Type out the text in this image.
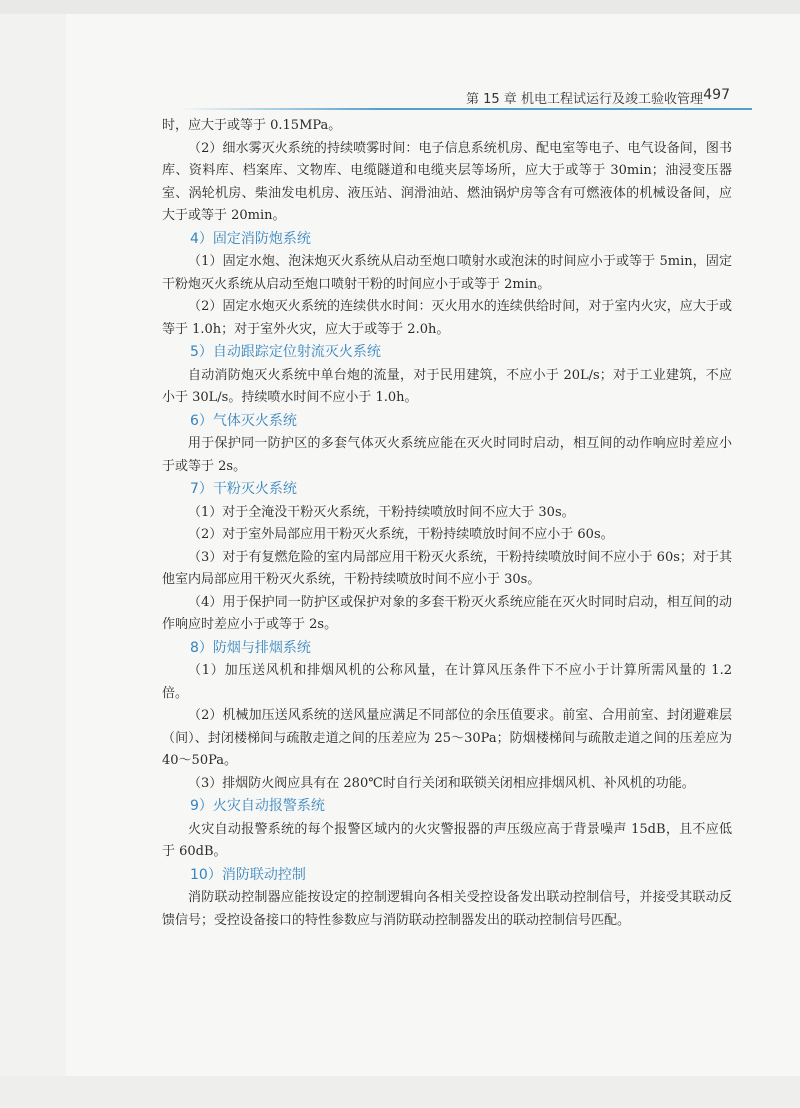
第 15 章 机电工程试运行及竣工验收管理 497

时，应大于或等于 0.15MPa。

（2）细水雾灭火系统的持续喷雾时间：电子信息系统机房、配电室等电子、电气设备间，图书库、资料库、档案库、文物库、电缆隧道和电缆夹层等场所，应大于或等于 30min；油浸变压器室、涡轮机房、柴油发电机房、液压站、润滑油站、燃油锅炉房等含有可燃液体的机械设备间，应大于或等于 20min。

4）固定消防炮系统

（1）固定水炮、泡沫炮灭火系统从启动至炮口喷射水或泡沫的时间应小于或等于 5min，固定干粉炮灭火系统从启动至炮口喷射干粉的时间应小于或等于 2min。

（2）固定水炮灭火系统的连续供水时间：灭火用水的连续供给时间，对于室内火灾，应大于或等于 1.0h；对于室外火灾，应大于或等于 2.0h。

5）自动跟踪定位射流灭火系统

自动消防炮灭火系统中单台炮的流量，对于民用建筑，不应小于 20L/s；对于工业建筑，不应小于 30L/s。持续喷水时间不应小于 1.0h。

6）气体灭火系统

用于保护同一防护区的多套气体灭火系统应能在灭火时同时启动，相互间的动作响应时差应小于或等于 2s。

7）干粉灭火系统

（1）对于全淹没干粉灭火系统，干粉持续喷放时间不应大于 30s。

（2）对于室外局部应用干粉灭火系统，干粉持续喷放时间不应小于 60s。

（3）对于有复燃危险的室内局部应用干粉灭火系统，干粉持续喷放时间不应小于 60s；对于其他室内局部应用干粉灭火系统，干粉持续喷放时间不应小于 30s。

（4）用于保护同一防护区或保护对象的多套干粉灭火系统应能在灭火时同时启动，相互间的动作响应时差应小于或等于 2s。

8）防烟与排烟系统

（1）加压送风机和排烟风机的公称风量，在计算风压条件下不应小于计算所需风量的 1.2 倍。

（2）机械加压送风系统的送风量应满足不同部位的余压值要求。前室、合用前室、封闭避难层（间）、封闭楼梯间与疏散走道之间的压差应为 25～30Pa；防烟楼梯间与疏散走道之间的压差应为 40～50Pa。

（3）排烟防火阀应具有在 280℃时自行关闭和联锁关闭相应排烟风机、补风机的功能。

9）火灾自动报警系统

火灾自动报警系统的每个报警区域内的火灾警报器的声压级应高于背景噪声 15dB，且不应低于 60dB。

10）消防联动控制

消防联动控制器应能按设定的控制逻辑向各相关受控设备发出联动控制信号，并接受其联动反馈信号；受控设备接口的特性参数应与消防联动控制器发出的联动控制信号匹配。
